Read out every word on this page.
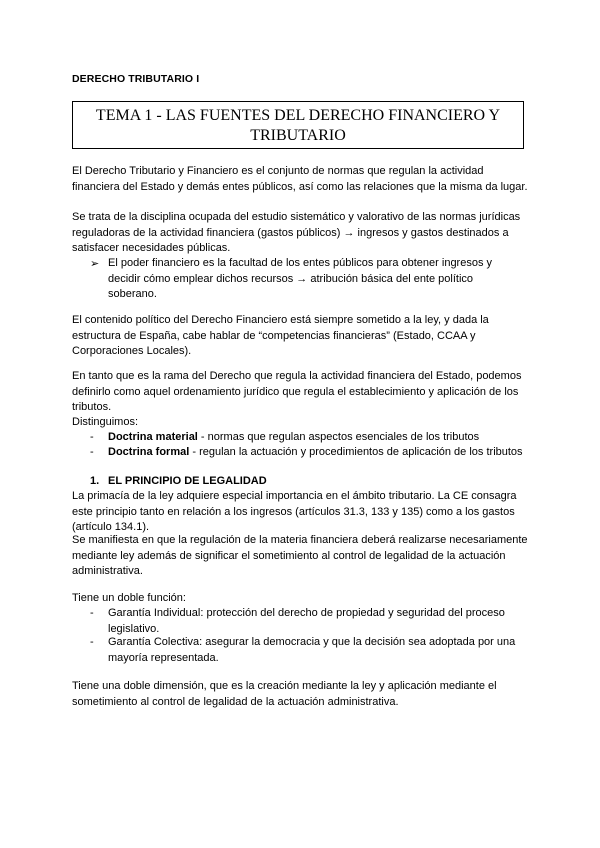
DERECHO TRIBUTARIO I
TEMA 1 - LAS FUENTES DEL DERECHO FINANCIERO Y
TRIBUTARIO

El Derecho Tributario y Financiero es el conjunto de normas que regulan la actividad financiera del Estado y demás entes públicos, así como las relaciones que la misma da lugar.

Se trata de la disciplina ocupada del estudio sistemático y valorativo de las normas jurídicas reguladoras de la actividad financiera (gastos públicos) → ingresos y gastos destinados a satisfacer necesidades públicas.

➢ El poder financiero es la facultad de los entes públicos para obtener ingresos y decidir cómo emplear dichos recursos → atribución básica del ente político soberano.

El contenido político del Derecho Financiero está siempre sometido a la ley, y dada la estructura de España, cabe hablar de “competencias financieras” (Estado, CCAA y Corporaciones Locales).

En tanto que es la rama del Derecho que regula la actividad financiera del Estado, podemos definirlo como aquel ordenamiento jurídico que regula el establecimiento y aplicación de los tributos.

Distinguimos:

- Doctrina material - normas que regulan aspectos esenciales de los tributos
- Doctrina formal - regulan la actuación y procedimientos de aplicación de los tributos
1. EL PRINCIPIO DE LEGALIDAD

La primacía de la ley adquiere especial importancia en el ámbito tributario. La CE consagra este principio tanto en relación a los ingresos (artículos 31.3, 133 y 135) como a los gastos (artículo 134.1).

Se manifiesta en que la regulación de la materia financiera deberá realizarse necesariamente mediante ley además de significar el sometimiento al control de legalidad de la actuación administrativa.

Tiene un doble función:

- Garantía Individual: protección del derecho de propiedad y seguridad del proceso legislativo.
- Garantía Colectiva: asegurar la democracia y que la decisión sea adoptada por una mayoría representada.

Tiene una doble dimensión, que es la creación mediante la ley y aplicación mediante el sometimiento al control de legalidad de la actuación administrativa.
